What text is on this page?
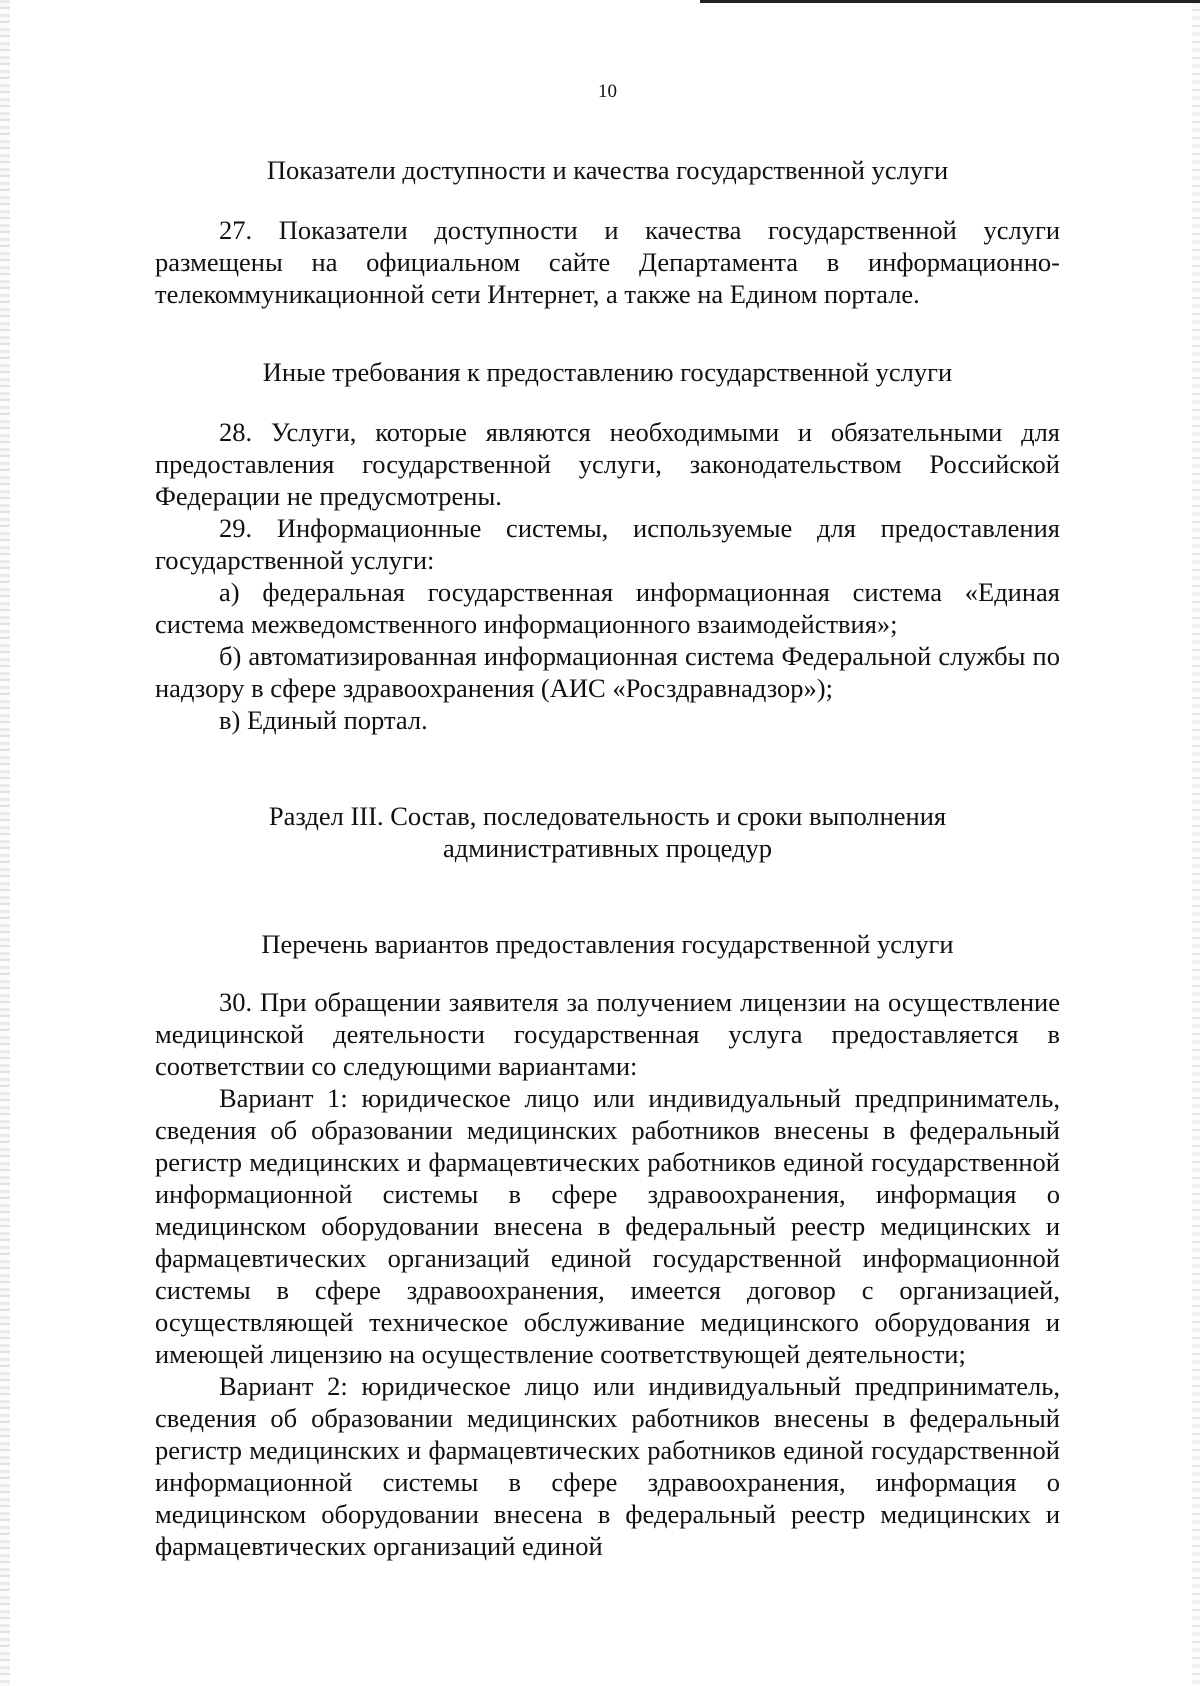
10

Показатели доступности и качества государственной услуги

27. Показатели доступности и качества государственной услуги размещены на официальном сайте Департамента в информационно-телекоммуникационной сети Интернет, а также на Едином портале.

Иные требования к предоставлению государственной услуги

28. Услуги, которые являются необходимыми и обязательными для предоставления государственной услуги, законодательством Российской Федерации не предусмотрены.

29. Информационные системы, используемые для предоставления государственной услуги:

а) федеральная государственная информационная система «Единая система межведомственного информационного взаимодействия»;

б) автоматизированная информационная система Федеральной службы по надзору в сфере здравоохранения (АИС «Росздравнадзор»);

в) Единый портал.

Раздел III. Состав, последовательность и сроки выполнения

административных процедур

Перечень вариантов предоставления государственной услуги

30. При обращении заявителя за получением лицензии на осуществление медицинской деятельности государственная услуга предоставляется в соответствии со следующими вариантами:

Вариант 1: юридическое лицо или индивидуальный предприниматель, сведения об образовании медицинских работников внесены в федеральный регистр медицинских и фармацевтических работников единой государственной информационной системы в сфере здравоохранения, информация о медицинском оборудовании внесена в федеральный реестр медицинских и фармацевтических организаций единой государственной информационной системы в сфере здравоохранения, имеется договор с организацией, осуществляющей техническое обслуживание медицинского оборудования и имеющей лицензию на осуществление соответствующей деятельности;

Вариант 2: юридическое лицо или индивидуальный предприниматель, сведения об образовании медицинских работников внесены в федеральный регистр медицинских и фармацевтических работников единой государственной информационной системы в сфере здравоохранения, информация о медицинском оборудовании внесена в федеральный реестр медицинских и фармацевтических организаций единой
